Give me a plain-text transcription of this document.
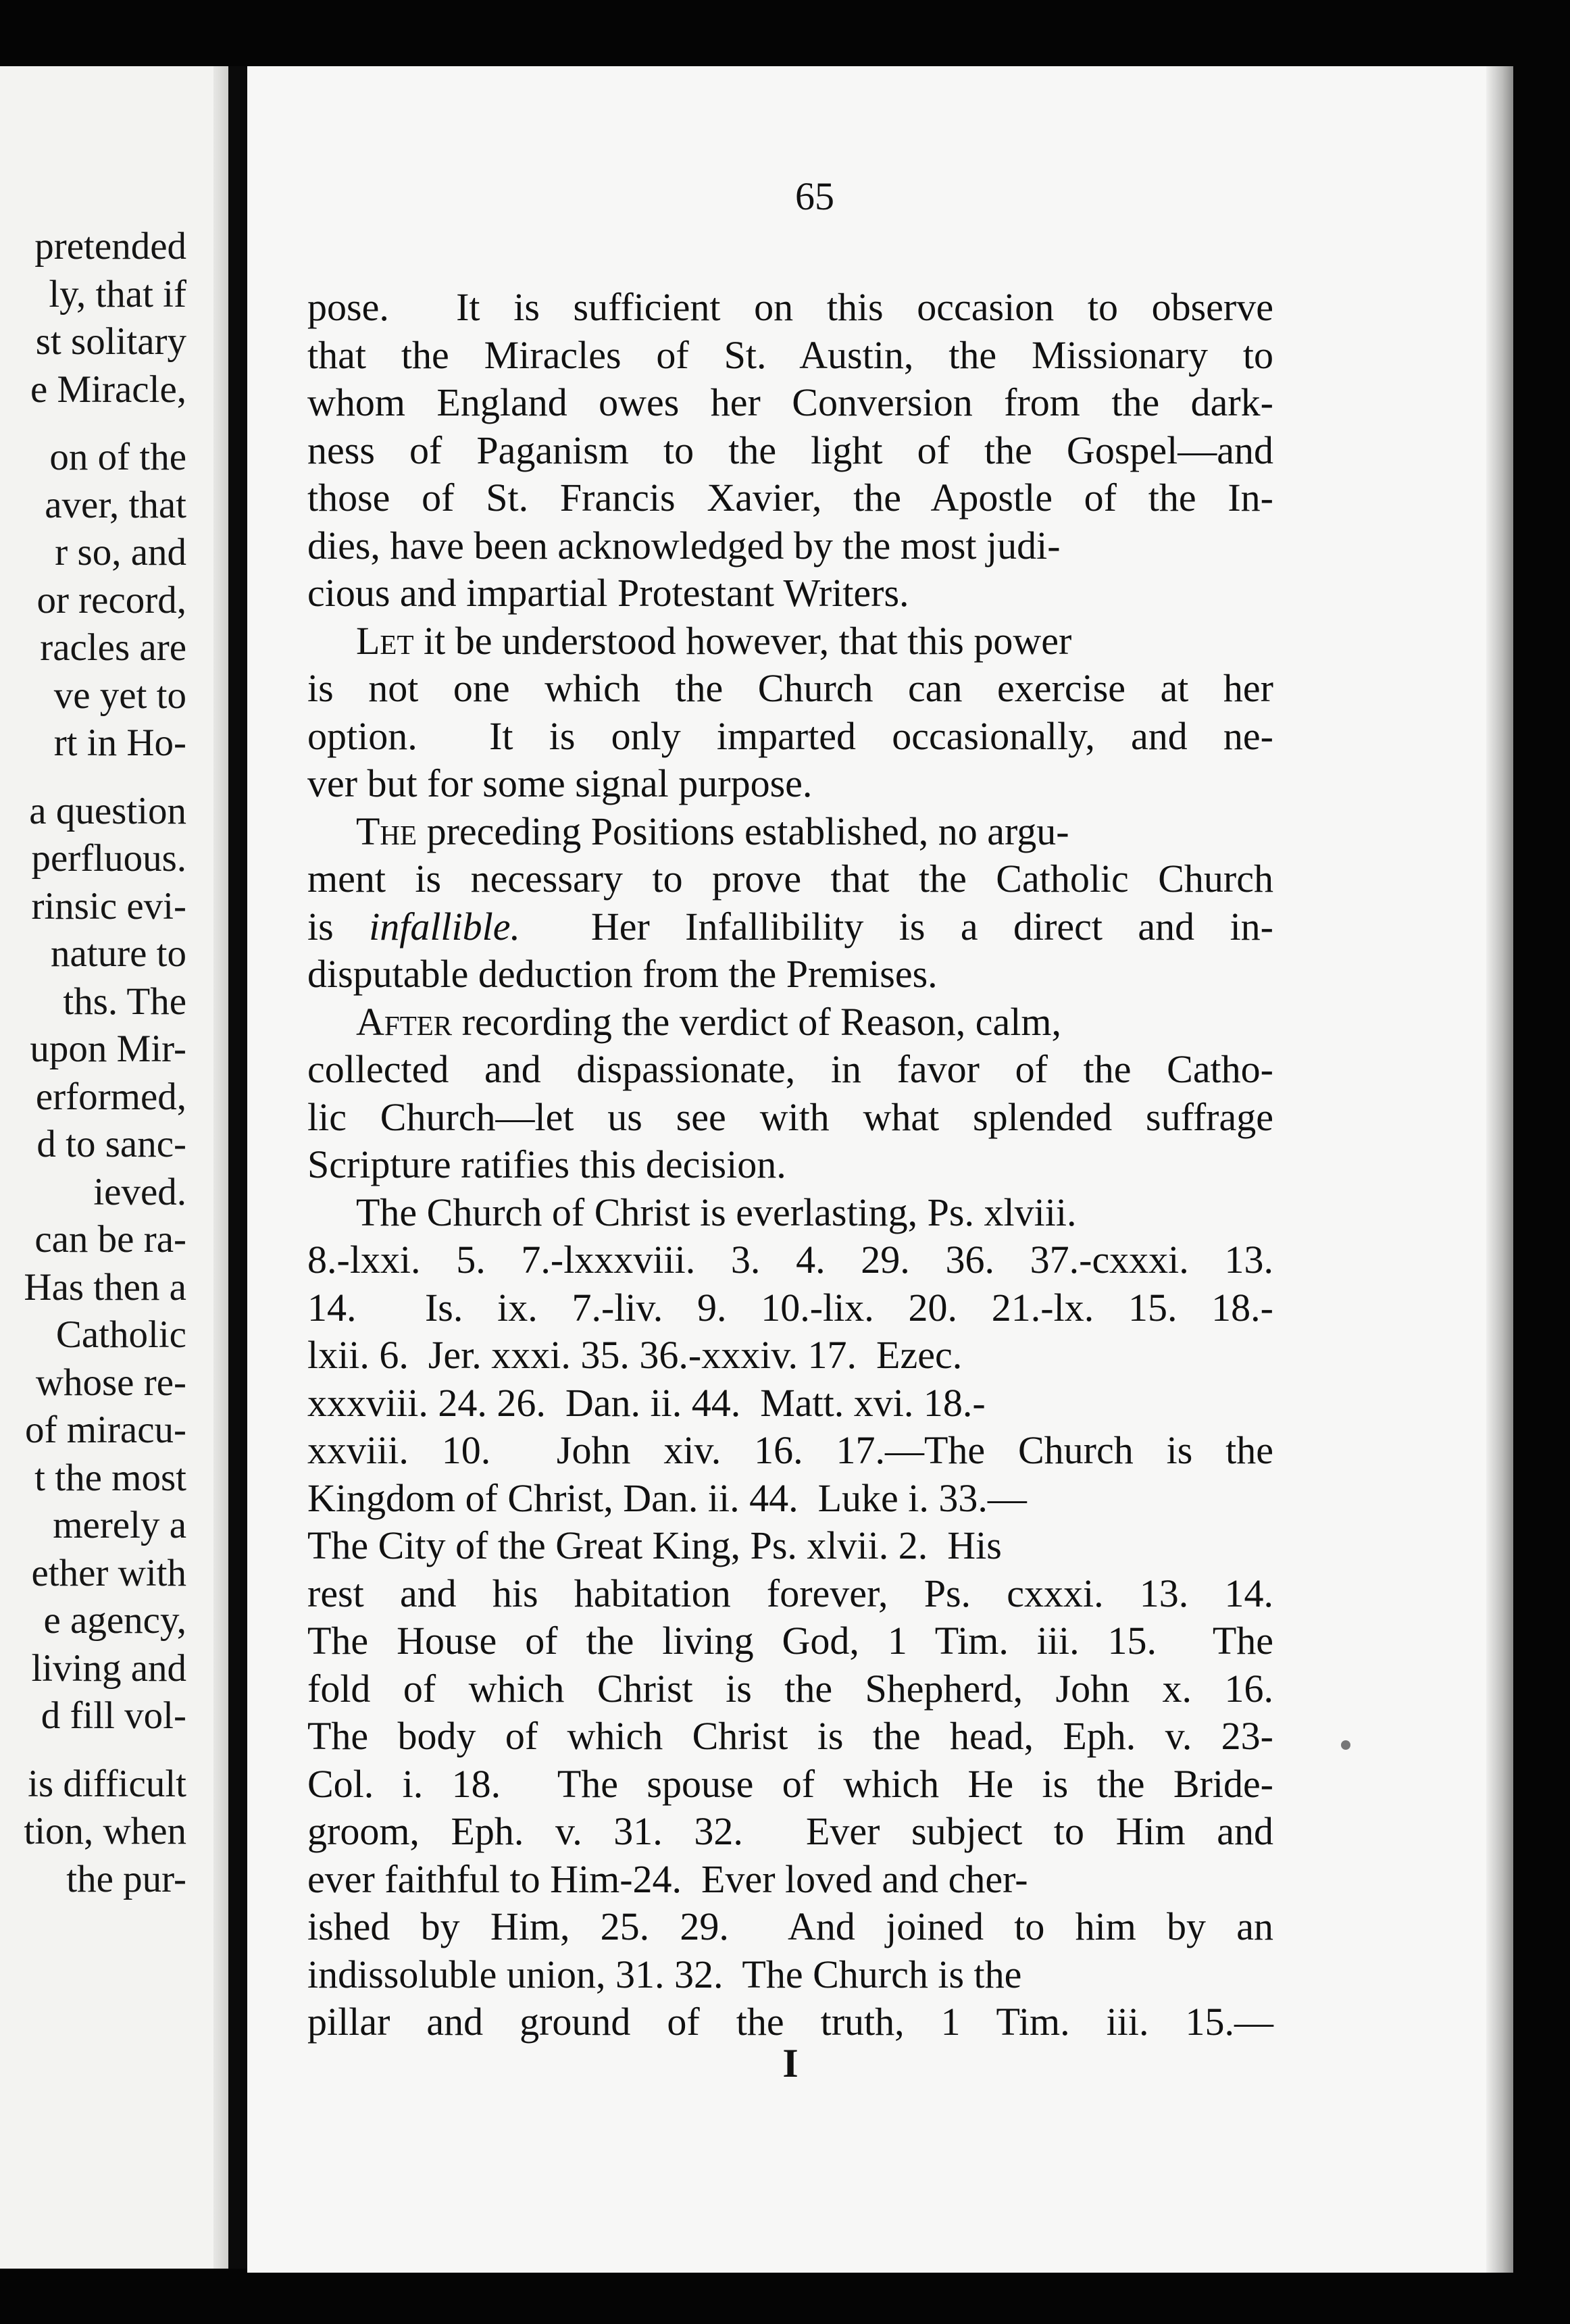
pretended
ly, that if
st solitary
e Miracle,
on of the
aver, that
r so, and
or record,
racles are
ve yet to
rt in Ho-
a question
perfluous.
rinsic evi-
nature to
ths. The
upon Mir-
erformed,
d to sanc-
ieved.
can be ra-
Has then a
Catholic
whose re-
of miracu-
t the most
merely a
ether with
e agency,
living and
d fill vol-
is difficult
tion, when
the pur-
65
pose.  It is sufficient on this occasion to observe
that the Miracles of St. Austin, the Missionary to
whom England owes her Conversion from the dark-
ness of Paganism to the light of the Gospel—and
those of St. Francis Xavier, the Apostle of the In-
dies, have been acknowledged by the most judi-
cious and impartial Protestant Writers.
Let it be understood however, that this power
is not one which the Church can exercise at her
option.  It is only imparted occasionally, and ne-
ver but for some signal purpose.
The preceding Positions established, no argu-
ment is necessary to prove that the Catholic Church
is infallible.  Her Infallibility is a direct and in-
disputable deduction from the Premises.
After recording the verdict of Reason, calm,
collected and dispassionate, in favor of the Catho-
lic Church—let us see with what splended suffrage
Scripture ratifies this decision.
The Church of Christ is everlasting, Ps. xlviii.
8.-lxxi. 5. 7.-lxxxviii. 3. 4. 29. 36. 37.-cxxxi. 13.
14.  Is. ix. 7.-liv. 9. 10.-lix. 20. 21.-lx. 15. 18.-
lxii. 6.  Jer. xxxi. 35. 36.-xxxiv. 17.  Ezec.
xxxviii. 24. 26.  Dan. ii. 44.  Matt. xvi. 18.-
xxviii. 10.  John xiv. 16. 17.—The Church is the
Kingdom of Christ, Dan. ii. 44.  Luke i. 33.—
The City of the Great King, Ps. xlvii. 2.  His
rest and his habitation forever, Ps. cxxxi. 13. 14.
The House of the living God, 1 Tim. iii. 15.  The
fold of which Christ is the Shepherd, John x. 16.
The body of which Christ is the head, Eph. v. 23-
Col. i. 18.  The spouse of which He is the Bride-
groom, Eph. v. 31. 32.  Ever subject to Him and
ever faithful to Him-24.  Ever loved and cher-
ished by Him, 25. 29.  And joined to him by an
indissoluble union, 31. 32.  The Church is the
pillar and ground of the truth, 1 Tim. iii. 15.—
I
